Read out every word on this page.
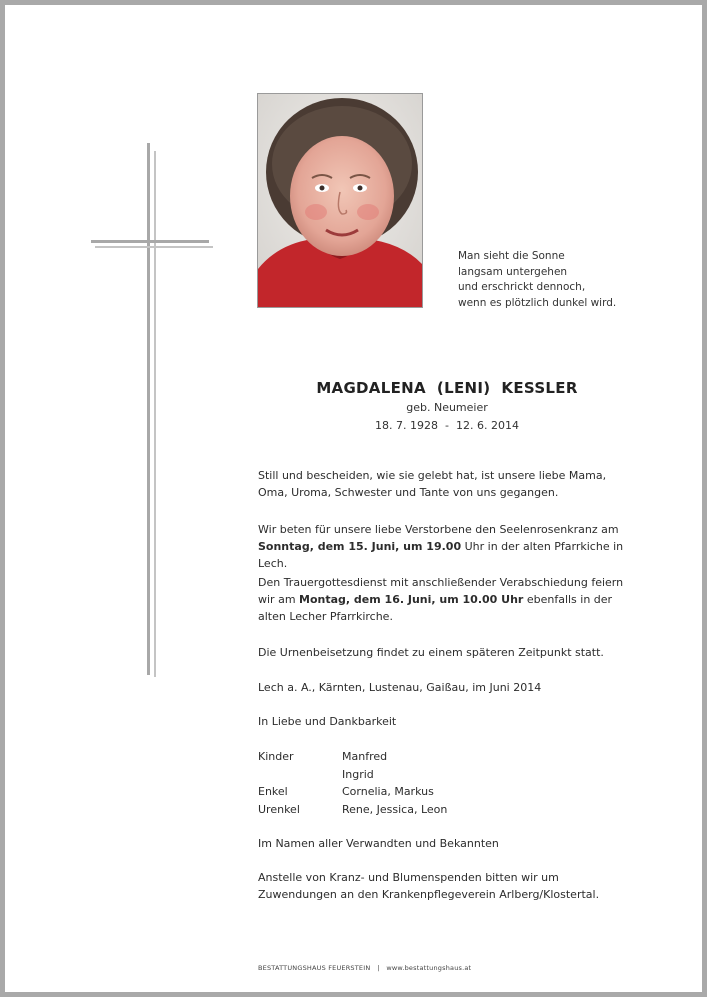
Man sieht die Sonne
langsam untergehen
und erschrickt dennoch,
wenn es plötzlich dunkel wird.
MAGDALENA  (LENI)  KESSLER
geb. Neumeier
18. 7. 1928  -  12. 6. 2014
Still und bescheiden, wie sie gelebt hat, ist unsere liebe Mama, Oma, Uroma, Schwester und Tante von uns gegangen.
Wir beten für unsere liebe Verstorbene den Seelenrosenkranz am
Sonntag, dem 15. Juni, um 19.00 Uhr in der alten Pfarrkiche in Lech.
Den Trauergottesdienst mit anschließender Verabschiedung feiern wir am Montag, dem 16. Juni, um 10.00 Uhr ebenfalls in der alten Lecher Pfarrkirche.
Die Urnenbeisetzung findet zu einem späteren Zeitpunkt statt.
Lech a. A., Kärnten, Lustenau, Gaißau, im Juni 2014
In Liebe und Dankbarkeit
Kinder	Manfred
Ingrid
Enkel	Cornelia, Markus
Urenkel	Rene, Jessica, Leon
Im Namen aller Verwandten und Bekannten
Anstelle von Kranz- und Blumenspenden bitten wir um Zuwendungen an den Krankenpflegeverein Arlberg/Klostertal.
BESTATTUNGSHAUS FEUERSTEIN   |   www.bestattungshaus.at
